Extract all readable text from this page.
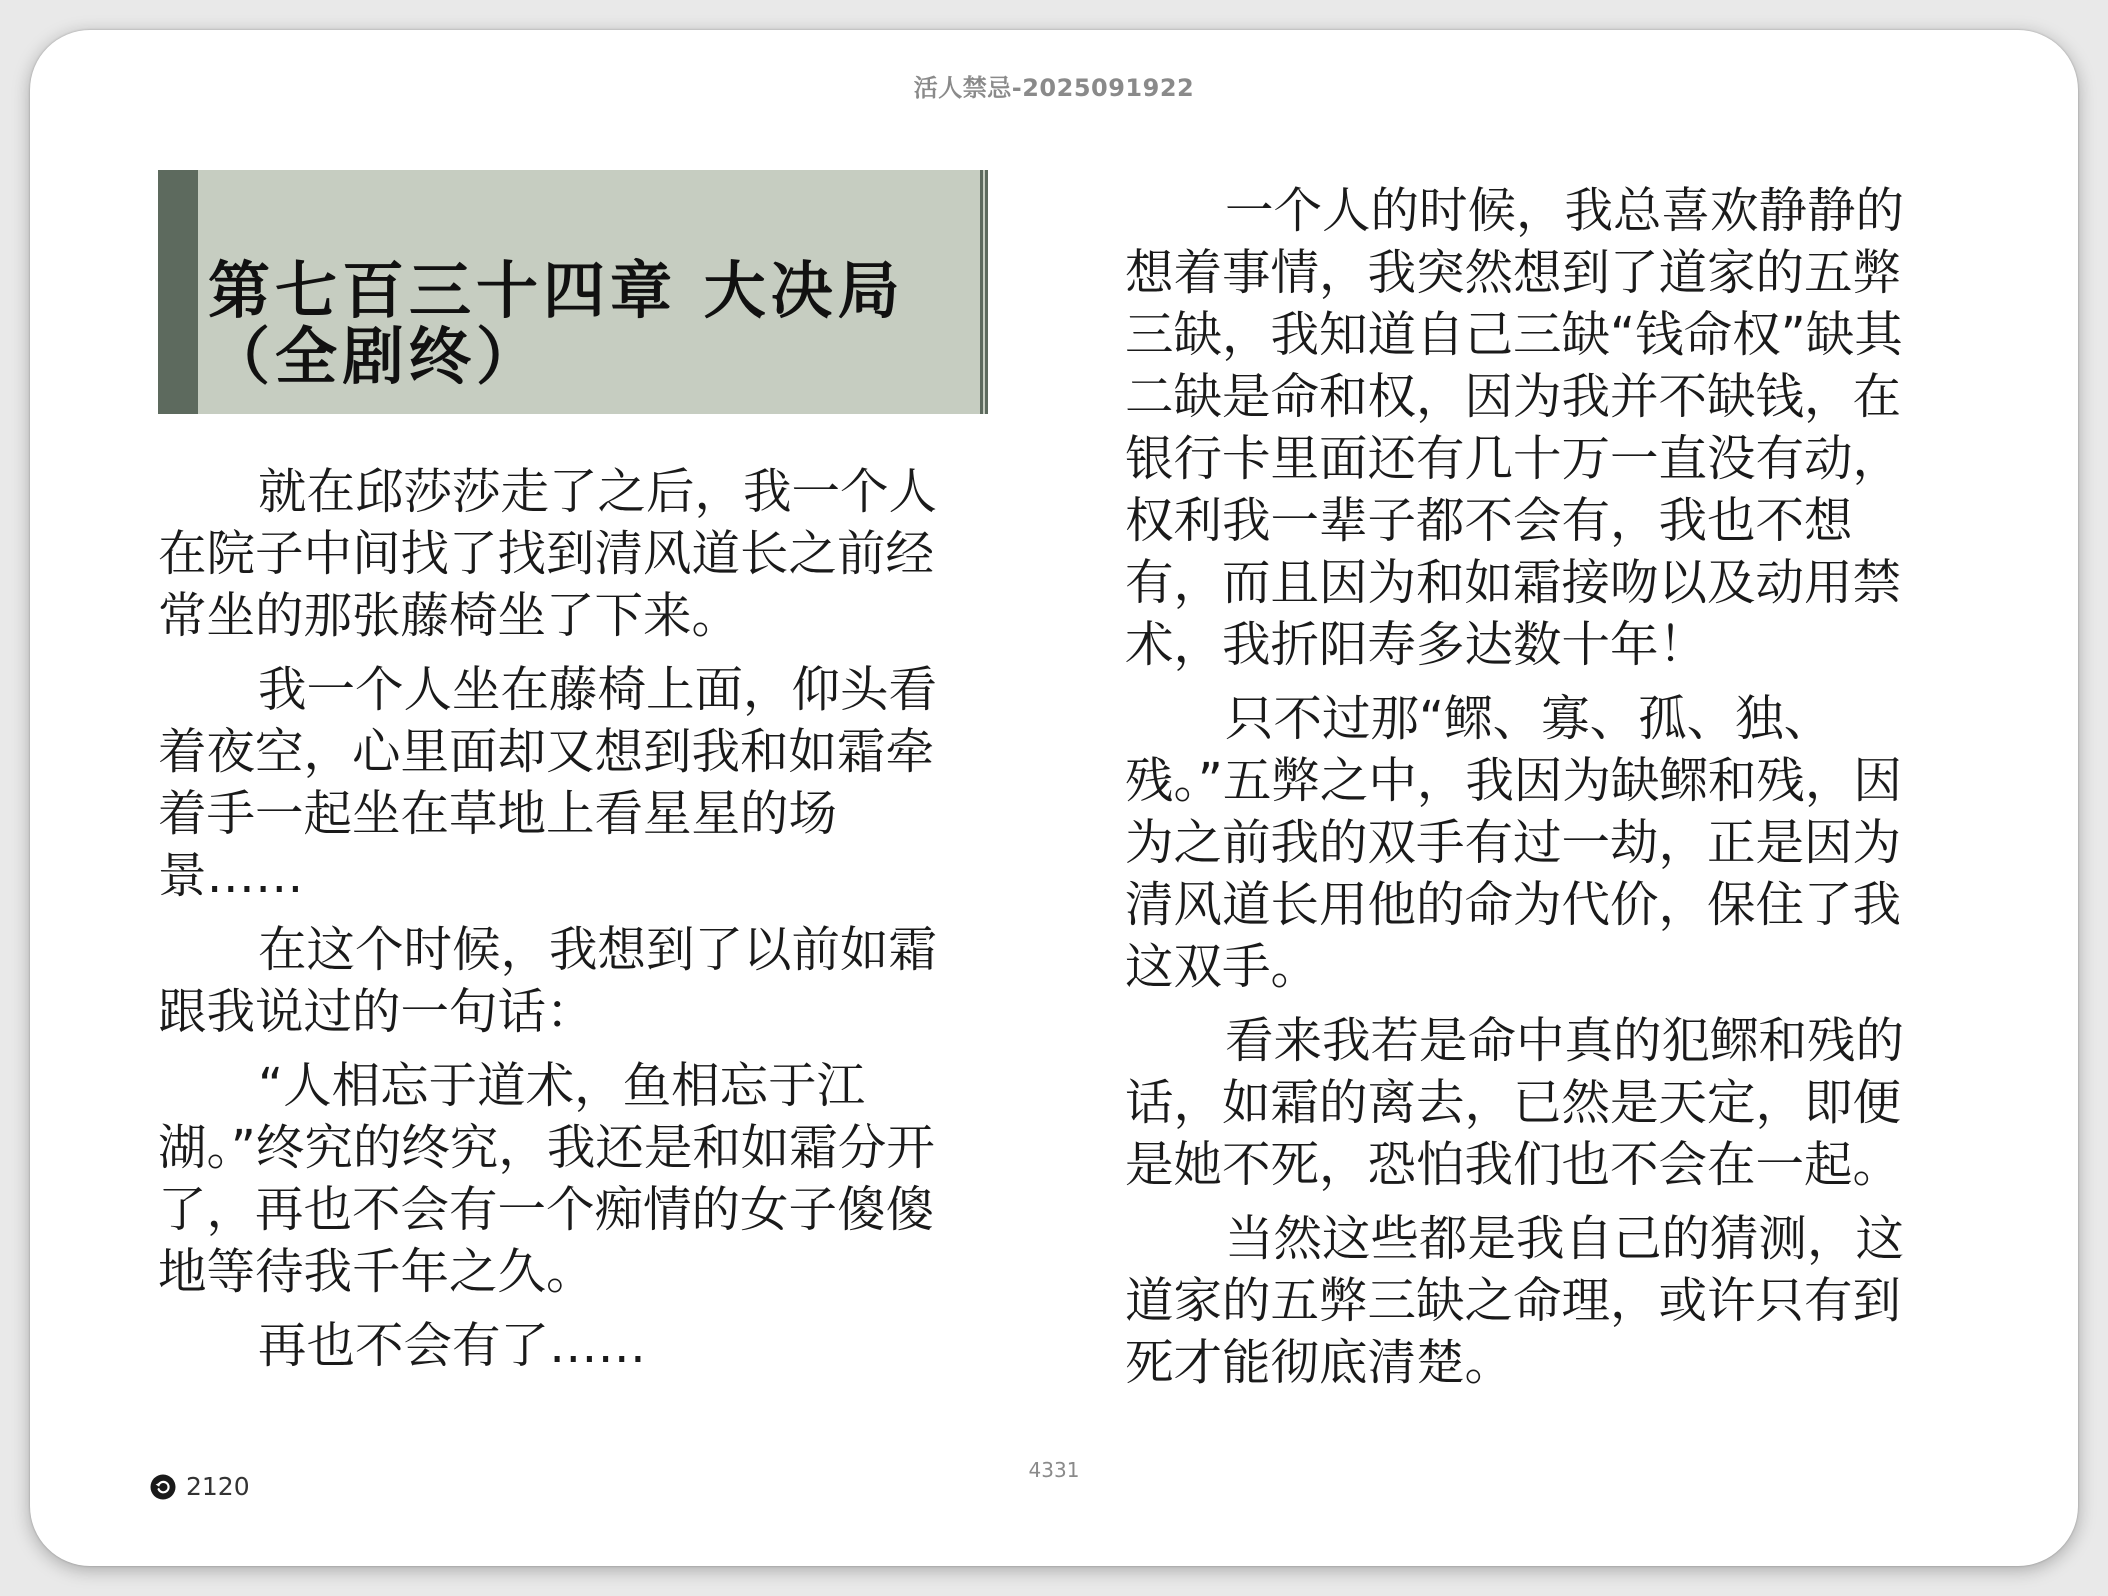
活人禁忌-2025091922
第七百三十四章 大决局（全剧终）

就在邱莎莎走了之后，我一个人在院子中间找了找到清风道长之前经常坐的那张藤椅坐了下来。

我一个人坐在藤椅上面，仰头看着夜空，心里面却又想到我和如霜牵着手一起坐在草地上看星星的场景……

在这个时候，我想到了以前如霜跟我说过的一句话：

“人相忘于道术，鱼相忘于江湖。”终究的终究，我还是和如霜分开了，再也不会有一个痴情的女子傻傻地等待我千年之久。

再也不会有了……

一个人的时候，我总喜欢静静的想着事情，我突然想到了道家的五弊三缺，我知道自己三缺“钱命权”缺其二缺是命和权，因为我并不缺钱，在银行卡里面还有几十万一直没有动，权利我一辈子都不会有，我也不想有，而且因为和如霜接吻以及动用禁术，我折阳寿多达数十年！

只不过那“鳏、寡、孤、独、残。”五弊之中，我因为缺鳏和残，因为之前我的双手有过一劫，正是因为清风道长用他的命为代价，保住了我这双手。

看来我若是命中真的犯鳏和残的话，如霜的离去，已然是天定，即便是她不死，恐怕我们也不会在一起。

当然这些都是我自己的猜测，这道家的五弊三缺之命理，或许只有到死才能彻底清楚。

4331
2120
